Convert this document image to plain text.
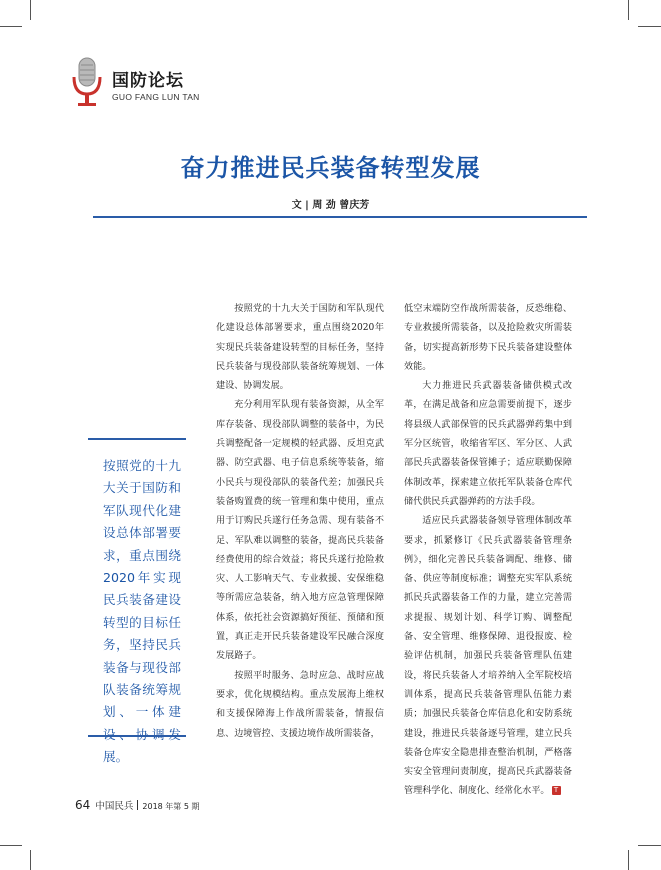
国防论坛
GUO FANG LUN TAN
奋力推进民兵装备转型发展
文 | 周 劲 曾庆芳
按照党的十九大关于国防和军队现代化建设总体部署要求，重点围绕2020年实现民兵装备建设转型的目标任务，坚持民兵装备与现役部队装备统筹规划、一体建 展。

按照党的十九大关于国防和军队现代化建设总体部署要求，重点围绕2020年实现民兵装备建设转型的目标任务，坚持民兵装备与现役部队装备统筹规划、一体建设、协调发展。

充分利用军队现有装备资源，从全军库存装备、现役部队调整的装备中，为民兵调整配备一定规模的轻武器、反坦克武器、防空武器、电子信息系统等装备，缩小民兵与现役部队的装备代差；加强民兵装备购置费的统一管理和集中使用，重点用于订购民兵遂行任务急需、现有装备不足、军队难以调整的装备，提高民兵装备经费使用的综合效益；将民兵遂行抢险救灾、人工影响天气、专业救援、安保维稳等所需应急装备，纳入地方应急管理保障体系，依托社会资源搞好预征、预储和预置，真正走开民兵装备建设军民融合深度发展路子。

按照平时服务、急时应急、战时应战要求，优化规模结构。重点发展海上维权和支援保障海上作战所需装备，情报信息、边境管控、支援边境作战所需装备，

低空末端防空作战所需装备，反恐维稳、专业救援所需装备，以及抢险救灾所需装备，切实提高新形势下民兵装备建设整体效能。

大力推进民兵武器装备储供模式改革，在满足战备和应急需要前提下，逐步将县级人武部保管的民兵武器弹药集中到军分区统管，收缩省军区、军分区、人武部民兵武器装备保管摊子；适应联勤保障体制改革，探索建立依托军队装备仓库代储代供民兵武器弹药的方法手段。

适应民兵武器装备领导管理体制改革要求，抓紧修订《民兵武器装备管理条例》，细化完善民兵装备调配、维修、储备、供应等制度标准；调整充实军队系统抓民兵武器装备工作的力量，建立完善需求提报、规划计划、科学订购、调整配备、安全管理、维修保障、退役报废、检验评估机制，加强民兵装备管理队伍建设，将民兵装备人才培养纳入全军院校培训体系，提高民兵装备管理队伍能力素质；加强民兵装备仓库信息化和安防系统建设，推进民兵装备逐号管理，建立民兵装备仓库安全隐患排查整治机制，严格落实安全管理问责制度，提高民兵武器装备管理科学化、制度化、经常化水平。 T

64 中国民兵 2018 年第 5 期
